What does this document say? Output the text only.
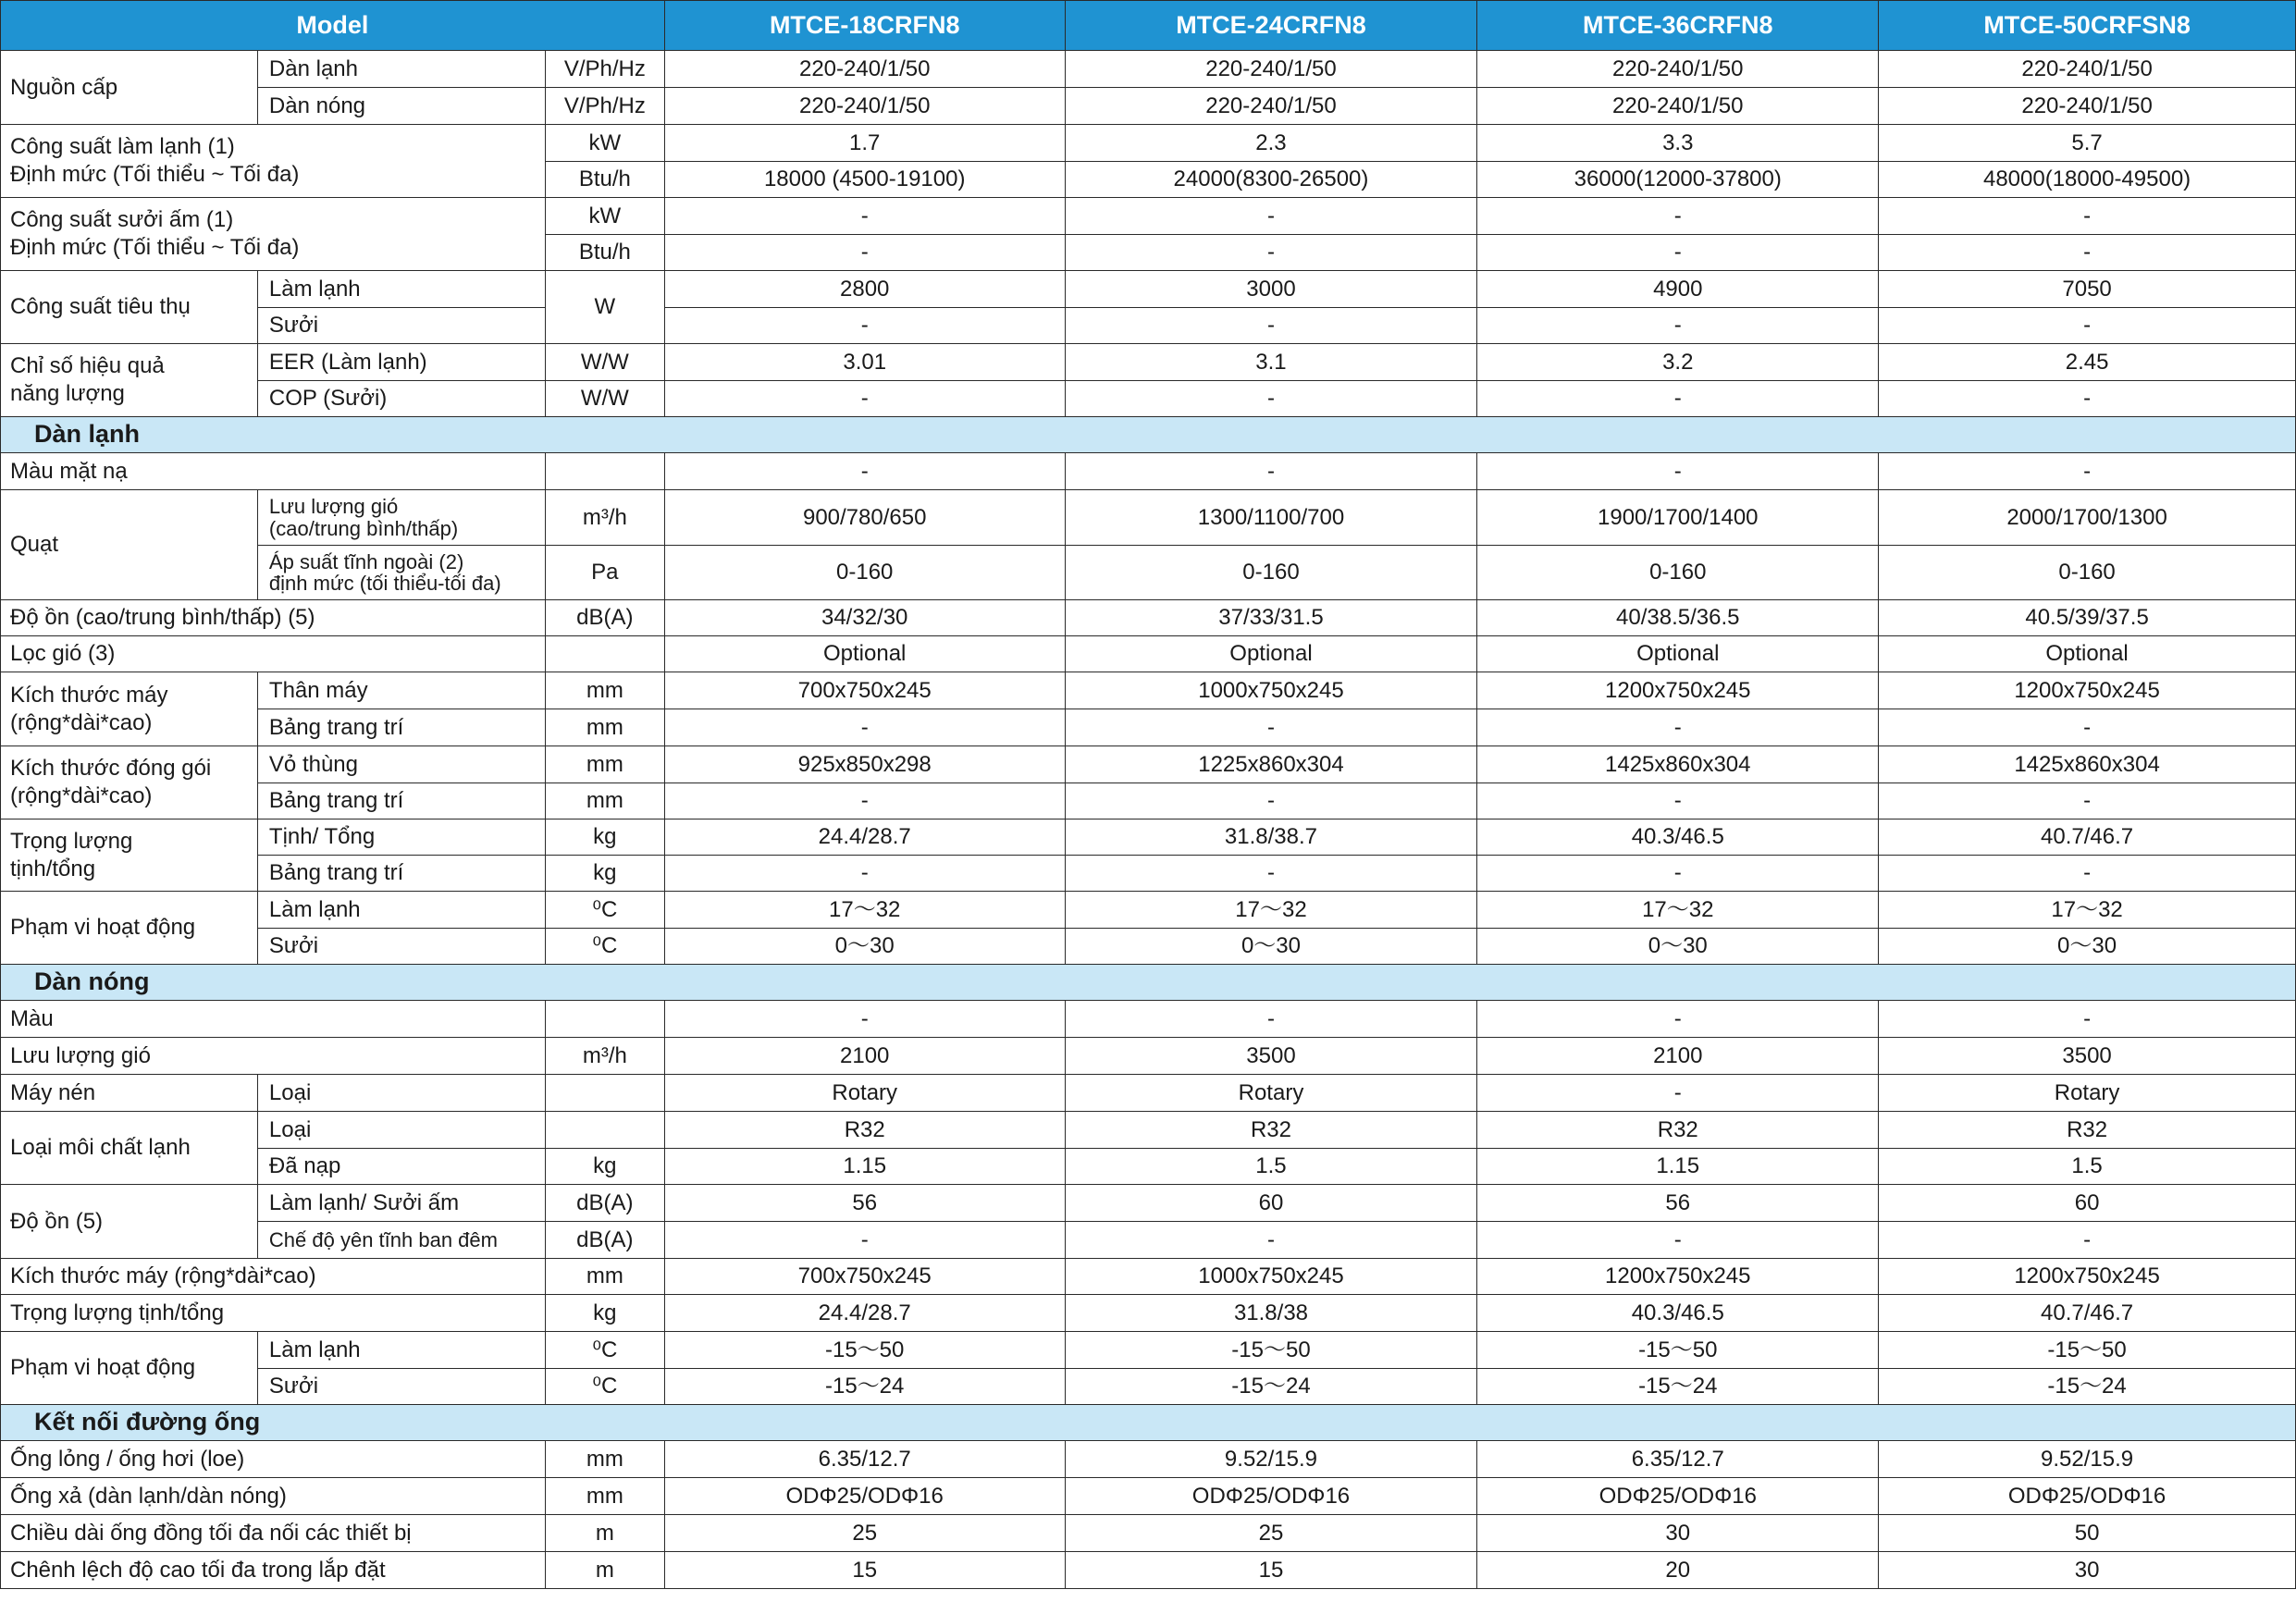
Model			MTCE-18CRFN8	MTCE-24CRFN8	MTCE-36CRFN8	MTCE-50CRFSN8
Nguồn cấp	Dàn lạnh	V/Ph/Hz	220-240/1/50	220-240/1/50	220-240/1/50	220-240/1/50
	Dàn nóng	V/Ph/Hz	220-240/1/50	220-240/1/50	220-240/1/50	220-240/1/50
Công suất làm lạnh (1)
Định mức (Tối thiểu ~ Tối đa)		kW	1.7	2.3	3.3	5.7
		Btu/h	18000 (4500-19100)	24000(8300-26500)	36000(12000-37800)	48000(18000-49500)
Công suất sưởi ấm (1)
Định mức (Tối thiểu ~ Tối đa)		kW	-	-	-	-
		Btu/h	-	-	-	-
Công suất tiêu thụ	Làm lạnh	W	2800	3000	4900	7050
	Sưởi		-	-	-	-
Chỉ số hiệu quả
năng lượng	EER (Làm lạnh)	W/W	3.01	3.1	3.2	2.45
	COP (Sưởi)	W/W	-	-	-	-
Dàn lạnh						
Màu mặt nạ			-	-	-	-
Quạt	Lưu lượng gió
(cao/trung bình/thấp)	m³/h	900/780/650	1300/1100/700	1900/1700/1400	2000/1700/1300
	Áp suất tĩnh ngoài (2)
định mức (tối thiểu-tối đa)	Pa	0-160	0-160	0-160	0-160
Độ ồn (cao/trung bình/thấp) (5)		dB(A)	34/32/30	37/33/31.5	40/38.5/36.5	40.5/39/37.5
Lọc gió (3)			Optional	Optional	Optional	Optional
Kích thước máy
(rộng*dài*cao)	Thân máy	mm	700x750x245	1000x750x245	1200x750x245	1200x750x245
	Bảng trang trí	mm	-	-	-	-
Kích thước đóng gói
(rộng*dài*cao)	Vỏ thùng	mm	925x850x298	1225x860x304	1425x860x304	1425x860x304
	Bảng trang trí	mm	-	-	-	-
Trọng lượng
tịnh/tổng	Tịnh/ Tổng	kg	24.4/28.7	31.8/38.7	40.3/46.5	40.7/46.7
	Bảng trang trí	kg	-	-	-	-
Phạm vi hoạt động	Làm lạnh	⁰C	17～32	17～32	17～32	17～32
	Sưởi	⁰C	0～30	0～30	0～30	0～30
Dàn nóng						
Màu			-	-	-	-
Lưu lượng gió		m³/h	2100	3500	2100	3500
Máy nén	Loại		Rotary	Rotary	-	Rotary
Loại môi chất lạnh	Loại		R32	R32	R32	R32
	Đã nạp	kg	1.15	1.5	1.15	1.5
Độ ồn (5)	Làm lạnh/ Sưởi ấm	dB(A)	56	60	56	60
	Chế độ yên tĩnh ban đêm	dB(A)	-	-	-	-
Kích thước máy (rộng*dài*cao)		mm	700x750x245	1000x750x245	1200x750x245	1200x750x245
Trọng lượng tịnh/tổng		kg	24.4/28.7	31.8/38	40.3/46.5	40.7/46.7
Phạm vi hoạt động	Làm lạnh	⁰C	-15～50	-15～50	-15～50	-15～50
	Sưởi	⁰C	-15～24	-15～24	-15～24	-15～24
Kết nối đường ống						
Ống lỏng / ống hơi (loe)		mm	6.35/12.7	9.52/15.9	6.35/12.7	9.52/15.9
Ống xả (dàn lạnh/dàn nóng)		mm	ODΦ25/ODΦ16	ODΦ25/ODΦ16	ODΦ25/ODΦ16	ODΦ25/ODΦ16
Chiều dài ống đồng tối đa nối các thiết bị		m	25	25	30	50
Chênh lệch độ cao tối đa trong lắp đặt		m	15	15	20	30
